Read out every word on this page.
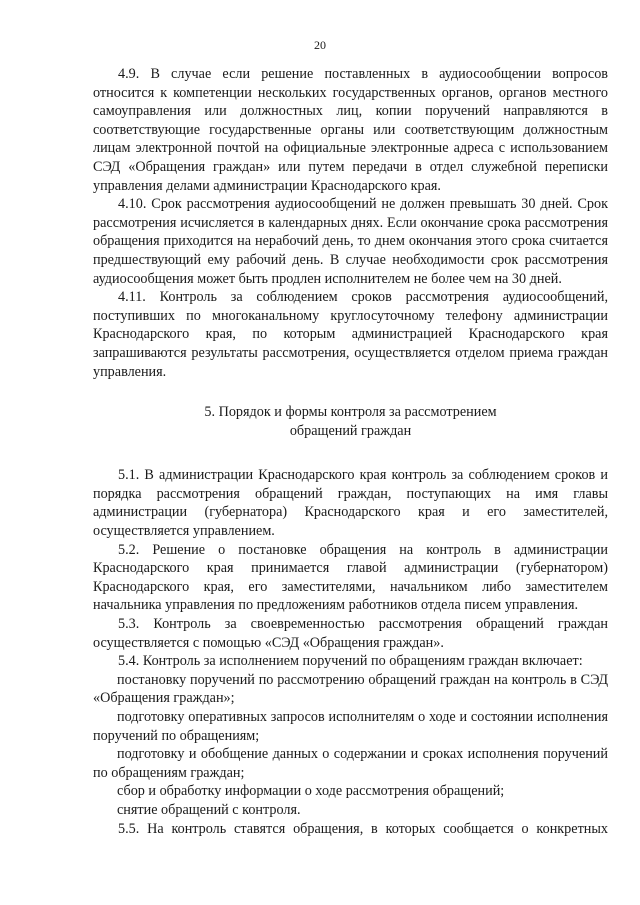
20

4.9. В случае если решение поставленных в аудиосообщении вопросов относится к компетенции нескольких государственных органов, органов местного самоуправления или должностных лиц, копии поручений направляются в соответствующие государственные органы или соответствующим должностным лицам электронной почтой на официальные электронные адреса с использованием СЭД «Обращения граждан» или путем передачи в отдел служебной переписки управления делами администрации Краснодарского края.

4.10. Срок рассмотрения аудиосообщений не должен превышать 30 дней. Срок рассмотрения исчисляется в календарных днях. Если окончание срока рассмотрения обращения приходится на нерабочий день, то днем окончания этого срока считается предшествующий ему рабочий день. В случае необходимости срок рассмотрения аудиосообщения может быть продлен исполнителем не более чем на 30 дней.

4.11. Контроль за соблюдением сроков рассмотрения аудиосообщений, поступивших по многоканальному круглосуточному телефону администрации Краснодарского края, по которым администрацией Краснодарского края запрашиваются результаты рассмотрения, осуществляется отделом приема граждан управления.

5. Порядок и формы контроля за рассмотрением
обращений граждан

5.1. В администрации Краснодарского края контроль за соблюдением сроков и порядка рассмотрения обращений граждан, поступающих на имя главы администрации (губернатора) Краснодарского края и его заместителей, осуществляется управлением.

5.2. Решение о постановке обращения на контроль в администрации Краснодарского края принимается главой администрации (губернатором) Краснодарского края, его заместителями, начальником либо заместителем начальника управления по предложениям работников отдела писем управления.

5.3. Контроль за своевременностью рассмотрения обращений граждан осуществляется с помощью «СЭД «Обращения граждан».

5.4. Контроль за исполнением поручений по обращениям граждан включает:

постановку поручений по рассмотрению обращений граждан на контроль в СЭД «Обращения граждан»;

подготовку оперативных запросов исполнителям о ходе и состоянии исполнения поручений по обращениям;

подготовку и обобщение данных о содержании и сроках исполнения поручений по обращениям граждан;

сбор и обработку информации о ходе рассмотрения обращений;

снятие обращений с контроля.

5.5. На контроль ставятся обращения, в которых сообщается о конкретных
